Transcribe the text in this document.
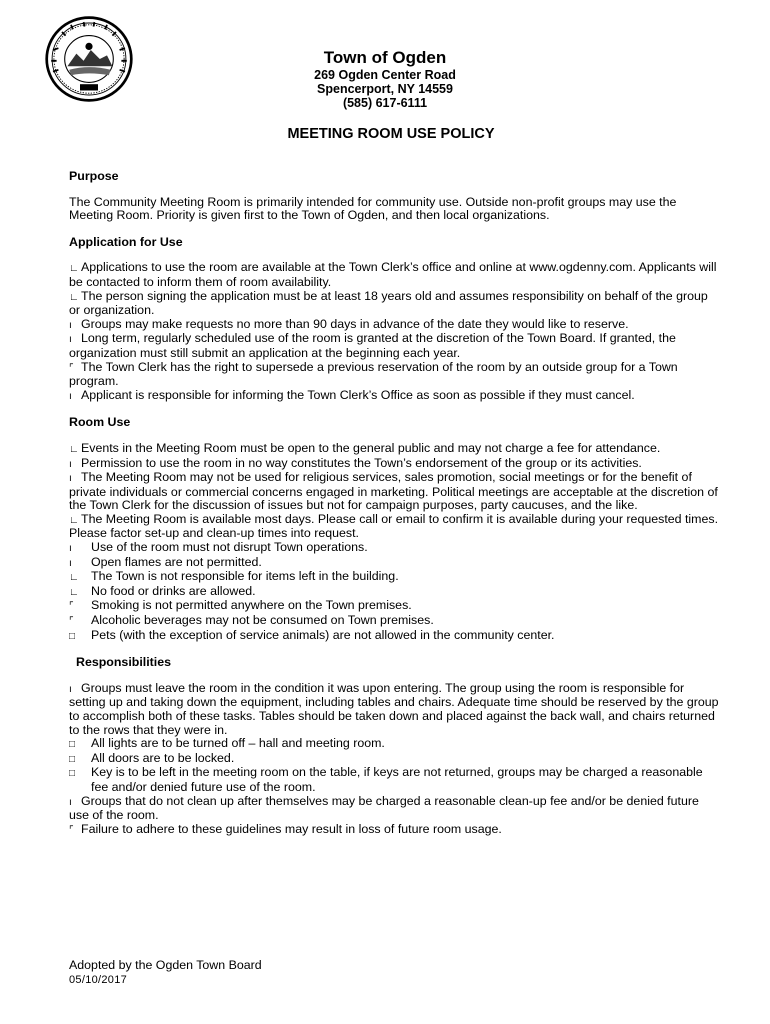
Town of Ogden
269 Ogden Center Road
Spencerport, NY 14559
(585) 617-6111
MEETING ROOM USE POLICY
Purpose

The Community Meeting Room is primarily intended for community use. Outside non-profit groups may use the Meeting Room. Priority is given first to the Town of Ogden, and then local organizations.

Application for Use
∟ Applications to use the room are available at the Town Clerk’s office and online at www.ogdenny.com. Applicants will be contacted to inform them of room availability.
∟ The person signing the application must be at least 18 years old and assumes responsibility on behalf of the group or organization.
ı Groups may make requests no more than 90 days in advance of the date they would like to reserve.
ı Long term, regularly scheduled use of the room is granted at the discretion of the Town Board. If granted, the organization must still submit an application at the beginning each year.
⌜ The Town Clerk has the right to supersede a previous reservation of the room by an outside group for a Town program.
ı Applicant is responsible for informing the Town Clerk’s Office as soon as possible if they must cancel.
Room Use
∟ Events in the Meeting Room must be open to the general public and may not charge a fee for attendance.
ı Permission to use the room in no way constitutes the Town’s endorsement of the group or its activities.
ı The Meeting Room may not be used for religious services, sales promotion, social meetings or for the benefit of private individuals or commercial concerns engaged in marketing. Political meetings are acceptable at the discretion of the Town Clerk for the discussion of issues but not for campaign purposes, party caucuses, and the like.
∟ The Meeting Room is available most days. Please call or email to confirm it is available during your requested times. Please factor set-up and clean-up times into request.
ı Use of the room must not disrupt Town operations.
ı Open flames are not permitted.
∟ The Town is not responsible for items left in the building.
∟ No food or drinks are allowed.
⌜ Smoking is not permitted anywhere on the Town premises.
⌜ Alcoholic beverages may not be consumed on Town premises.
□ Pets (with the exception of service animals) are not allowed in the community center.
Responsibilities
ı Groups must leave the room in the condition it was upon entering. The group using the room is responsible for setting up and taking down the equipment, including tables and chairs. Adequate time should be reserved by the group to accomplish both of these tasks. Tables should be taken down and placed against the back wall, and chairs returned to the rows that they were in.
□ All lights are to be turned off – hall and meeting room.
□ All doors are to be locked.
□ Key is to be left in the meeting room on the table, if keys are not returned, groups may be charged a reasonable fee and/or denied future use of the room.
ı Groups that do not clean up after themselves may be charged a reasonable clean-up fee and/or be denied future use of the room.
⌜ Failure to adhere to these guidelines may result in loss of future room usage.
Adopted by the Ogden Town Board
05/10/2017
